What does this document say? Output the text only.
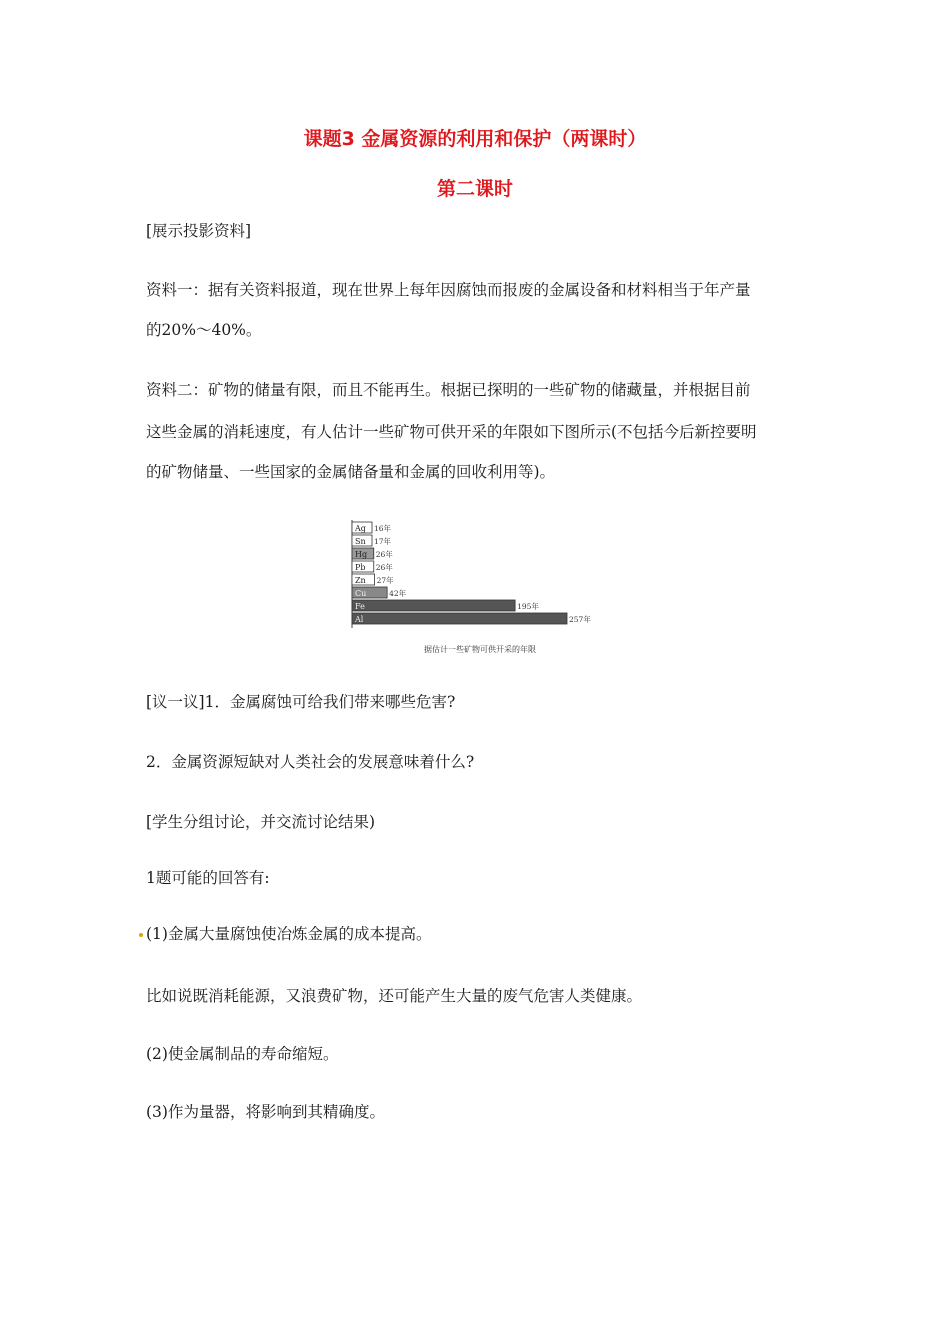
课题3 金属资源的利用和保护（两课时）
第二课时
[展示投影资料]
资料一：据有关资料报道，现在世界上每年因腐蚀而报废的金属设备和材料相当于年产量
的20%～40%。
资料二：矿物的储量有限，而且不能再生。根据已探明的一些矿物的储藏量，并根据目前
这些金属的消耗速度，有人估计一些矿物可供开采的年限如下图所示(不包括今后新控要明
的矿物储量、一些国家的金属储备量和金属的回收利用等)。
Ag 16年
Sn 17年
Hg 26年
Pb 26年
Zn 27年
Cu	42年
Fe	195年
Al	257年
据估计一些矿物可供开采的年限
[议一议]1．金属腐蚀可给我们带来哪些危害?
2．金属资源短缺对人类社会的发展意味着什么?
[学生分组讨论，并交流讨论结果)
1题可能的回答有:
(1)金属大量腐蚀使冶炼金属的成本提高。
比如说既消耗能源，又浪费矿物，还可能产生大量的废气危害人类健康。
(2)使金属制品的寿命缩短。
(3)作为量器，将影响到其精确度。
